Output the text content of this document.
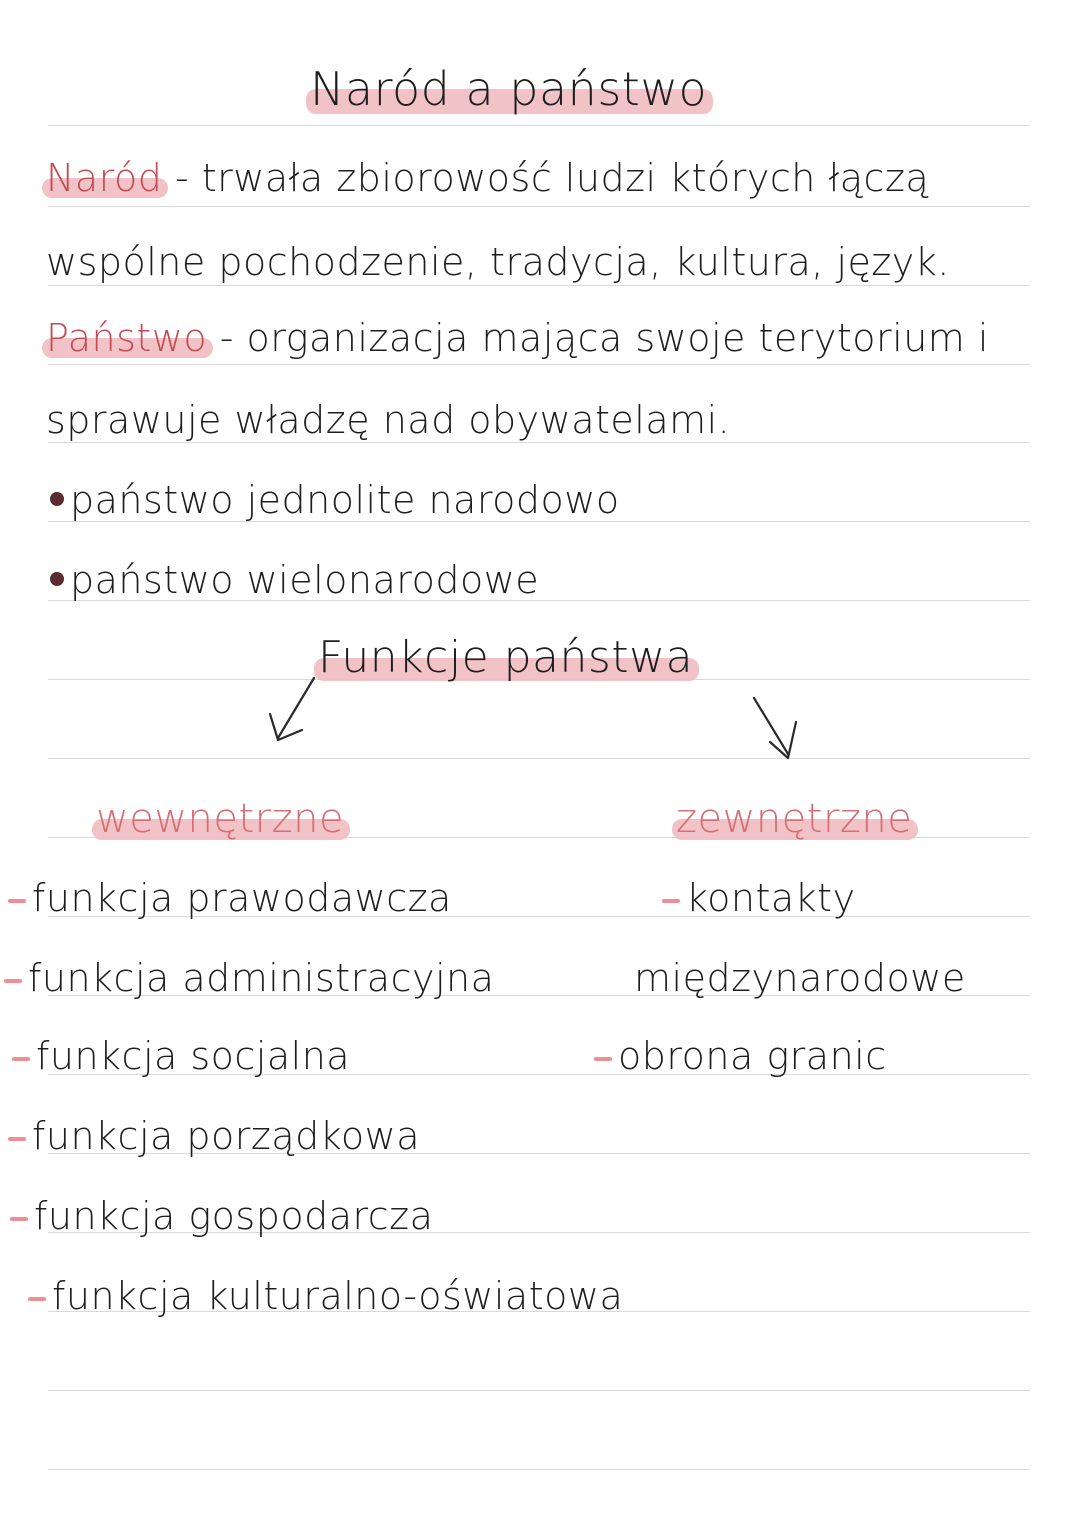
Naród a państwo
Naród - trwała zbiorowość ludzi których łączą
wspólne pochodzenie, tradycja, kultura, język.
Państwo - organizacja mająca swoje terytorium i
sprawuje władzę nad obywatelami.
państwo jednolite narodowo
państwo wielonarodowe
Funkcje państwa
wewnętrzne
funkcja prawodawcza
funkcja administracyjna
funkcja socjalna
funkcja porządkowa
funkcja gospodarcza
funkcja kulturalno-oświatowa
zewnętrzne
kontakty
międzynarodowe
obrona granic
